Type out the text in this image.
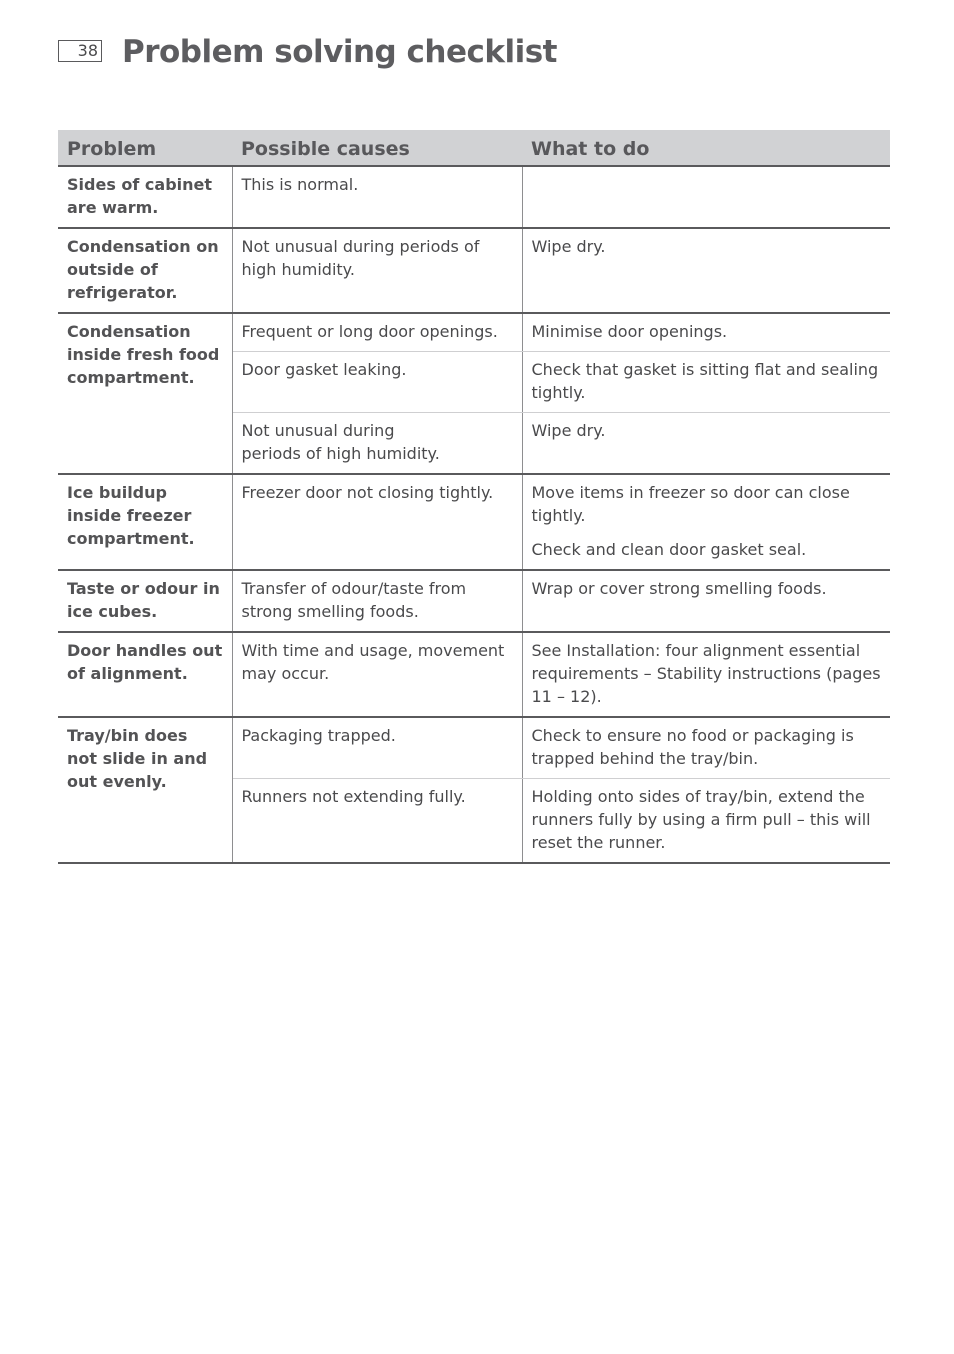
38 Problem solving checklist
Problem	Possible causes	What to do
Sides of cabinet are warm.	This is normal.	

Condensation on outside of refrigerator.	Not unusual during periods of high humidity.	Wipe dry.

Condensation inside fresh food compartment.	Frequent or long door openings.	Minimise door openings.

	Door gasket leaking.	Check that gasket is sitting flat and sealing tightly.

	Not unusual during
periods of high humidity.	Wipe dry.

Ice buildup inside freezer compartment.	Freezer door not closing tightly.	Move items in freezer so door can close tightly.
Check and clean door gasket seal.

Taste or odour in ice cubes.	Transfer of odour/taste from strong smelling foods.	Wrap or cover strong smelling foods.

Door handles out of alignment.	With time and usage, movement may occur.	See Installation: four alignment essential requirements – Stability instructions (pages 11 – 12).

Tray/bin does not slide in and out evenly.	Packaging trapped.	Check to ensure no food or packaging is trapped behind the tray/bin.

	Runners not extending fully.	Holding onto sides of tray/bin, extend the runners fully by using a firm pull – this will reset the runner.
